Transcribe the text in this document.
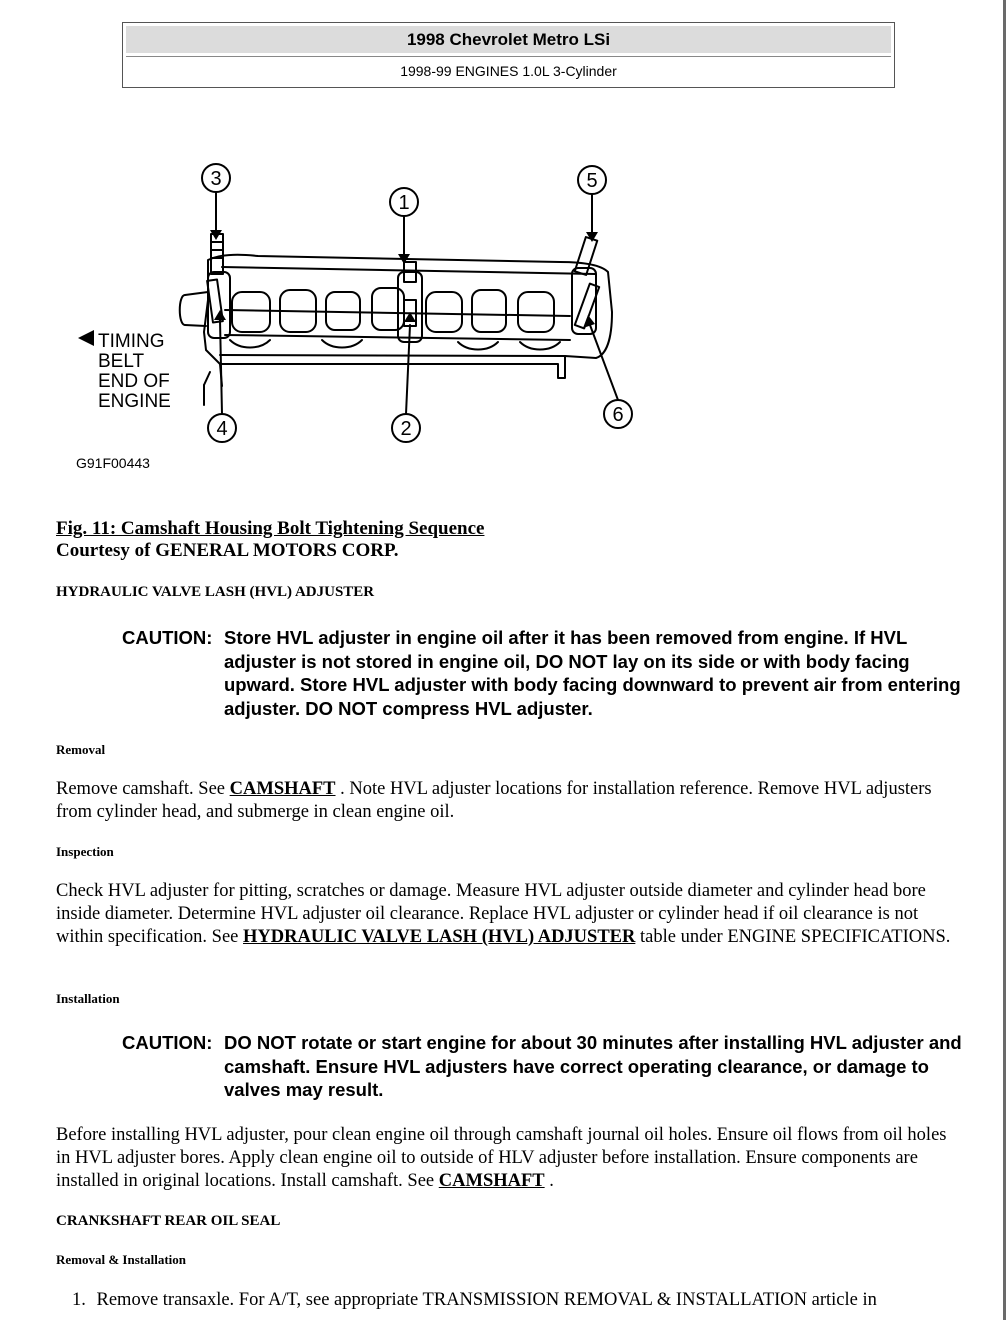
1998 Chevrolet Metro LSi
1998-99 ENGINES 1.0L 3-Cylinder
3
1
5
4	2
6
TIMING
BELT
END OF
ENGINE
G91F00443
Fig. 11: Camshaft Housing Bolt Tightening Sequence
Courtesy of GENERAL MOTORS CORP.
HYDRAULIC VALVE LASH (HVL) ADJUSTER
CAUTION: Store HVL adjuster in engine oil after it has been removed from engine. If HVL adjuster is not stored in engine oil, DO NOT lay on its side or with body facing upward. Store HVL adjuster with body facing downward to prevent air from entering adjuster. DO NOT compress HVL adjuster.
Removal
Remove camshaft. See CAMSHAFT . Note HVL adjuster locations for installation reference. Remove HVL adjusters from cylinder head, and submerge in clean engine oil.
Inspection
Check HVL adjuster for pitting, scratches or damage. Measure HVL adjuster outside diameter and cylinder head bore inside diameter. Determine HVL adjuster oil clearance. Replace HVL adjuster or cylinder head if oil clearance is not within specification. See HYDRAULIC VALVE LASH (HVL) ADJUSTER table under ENGINE SPECIFICATIONS.
Installation
CAUTION: DO NOT rotate or start engine for about 30 minutes after installing HVL adjuster and camshaft. Ensure HVL adjusters have correct operating clearance, or damage to valves may result.
Before installing HVL adjuster, pour clean engine oil through camshaft journal oil holes. Ensure oil flows from oil holes in HVL adjuster bores. Apply clean engine oil to outside of HLV adjuster before installation. Ensure components are installed in original locations. Install camshaft. See CAMSHAFT .
CRANKSHAFT REAR OIL SEAL
Removal & Installation
1. Remove transaxle. For A/T, see appropriate TRANSMISSION REMOVAL & INSTALLATION article in
